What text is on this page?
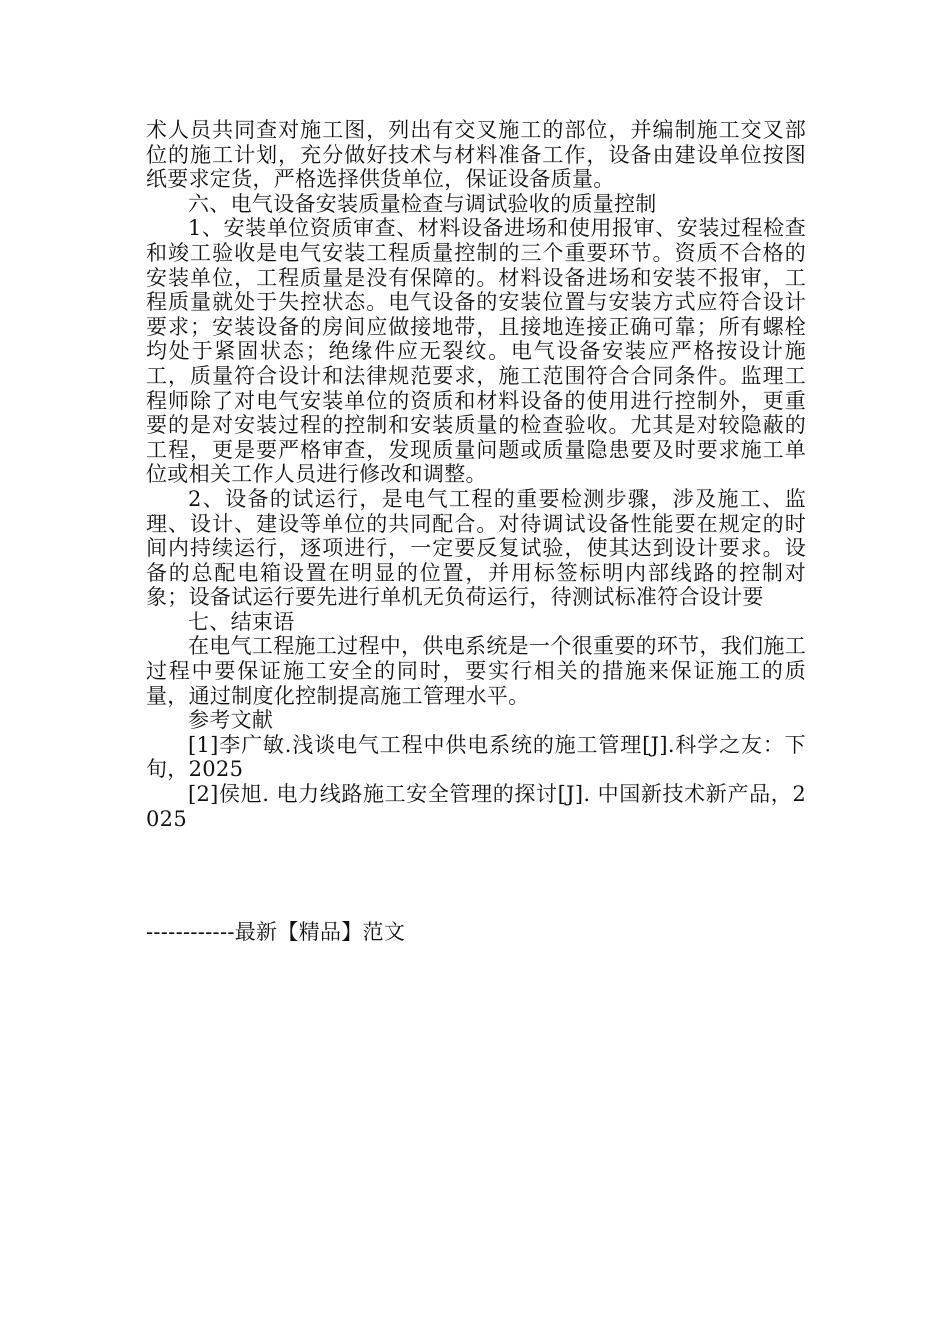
术人员共同查对施工图，列出有交叉施工的部位，并编制施工交叉部位的施工计划，充分做好技术与材料准备工作，设备由建设单位按图纸要求定货，严格选择供货单位，保证设备质量。

六、电气设备安装质量检查与调试验收的质量控制

1、安装单位资质审查、材料设备进场和使用报审、安装过程检查和竣工验收是电气安装工程质量控制的三个重要环节。资质不合格的安装单位，工程质量是没有保障的。材料设备进场和安装不报审，工程质量就处于失控状态。电气设备的安装位置与安装方式应符合设计要求；安装设备的房间应做接地带，且接地连接正确可靠；所有螺栓均处于紧固状态；绝缘件应无裂纹。电气设备安装应严格按设计施工，质量符合设计和法律规范要求，施工范围符合合同条件。监理工程师除了对电气安装单位的资质和材料设备的使用进行控制外，更重要的是对安装过程的控制和安装质量的检查验收。尤其是对较隐蔽的工程，更是要严格审查，发现质量问题或质量隐患要及时要求施工单位或相关工作人员进行修改和调整。

2、设备的试运行，是电气工程的重要检测步骤，涉及施工、监理、设计、建设等单位的共同配合。对待调试设备性能要在规定的时间内持续运行，逐项进行，一定要反复试验，使其达到设计要求。设备的总配电箱设置在明显的位置，并用标签标明内部线路的控制对象；设备试运行要先进行单机无负荷运行，待测试标准符合设计要

七、结束语

在电气工程施工过程中，供电系统是一个很重要的环节，我们施工过程中要保证施工安全的同时，要实行相关的措施来保证施工的质量，通过制度化控制提高施工管理水平。

参考文献

[1]李广敏.浅谈电气工程中供电系统的施工管理[J].科学之友：下旬，2025

[2]侯旭. 电力线路施工安全管理的探讨[J]. 中国新技术新产品，2025

------------最新【精品】范文
